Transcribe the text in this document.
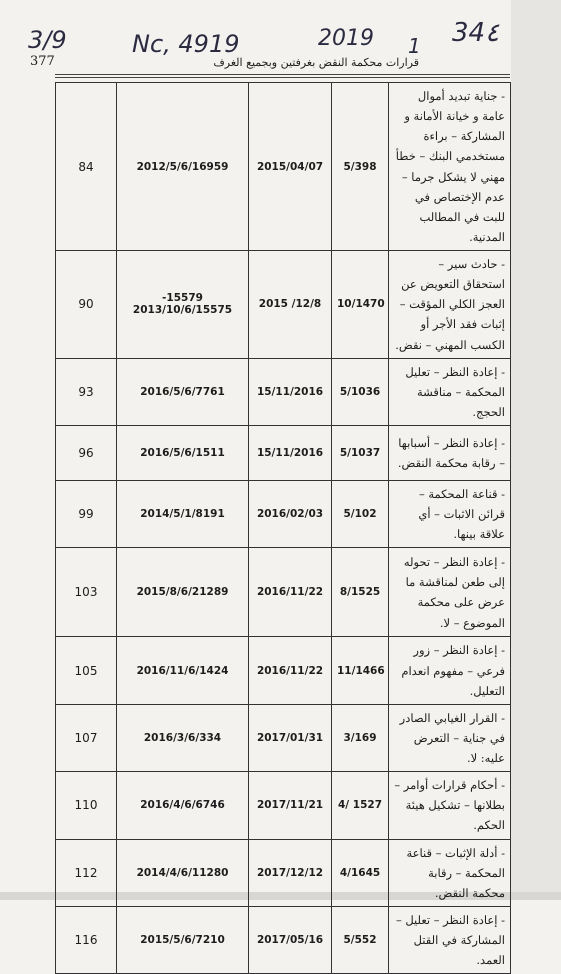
3/9	Nc, 4919	2019 1 34٤
377	قرارات محكمة النقض بغرفتين وبجميع الغرف
84	2012/5/6/16959	2015/04/07	5/398	- جناية تبديد أموال عامة و خيانة الأمانة و المشاركة – براءة مستخدمي البنك – خطأ مهني لا يشكل جرما – عدم الإختصاص في للبت في المطالب المدنية.
90	-15579
2013/10/6/15575	2015 /12/8	10/1470	- حادث سير – استحقاق التعويض عن العجز الكلي المؤقت – إثبات فقد الأجر أو الكسب المهني – نقض.
93	2016/5/6/7761	15/11/2016	5/1036	- إعادة النظر – تعليل المحكمة – مناقشة الحجج.
96	2016/5/6/1511	15/11/2016	5/1037	- إعادة النظر – أسبابها – رقابة محكمة النقض.
99	2014/5/1/8191	2016/02/03	5/102	- قناعة المحكمة – قرائن الاثبات – أي علاقة بينها.
103	2015/8/6/21289	2016/11/22	8/1525	- إعادة النظر – تحوله إلى طعن لمناقشة ما عرض على محكمة الموضوع – لا.
105	2016/11/6/1424	2016/11/22	11/1466	- إعادة النظر – زور فرعي – مفهوم انعدام التعليل.
107	2016/3/6/334	2017/01/31	3/169	- القرار الغيابي الصادر في جناية – التعرض عليه: لا.
110	2016/4/6/6746	2017/11/21	4/ 1527	- أحكام قرارات أوامر – بطلانها – تشكيل هيئة الحكم.
112	2014/4/6/11280	2017/12/12	4/1645	- أدلة الإثبات – قناعة المحكمة – رقابة محكمة النقض.
116	2015/5/6/7210	2017/05/16	5/552	- إعادة النظر – تعليل – المشاركة في القتل العمد.
